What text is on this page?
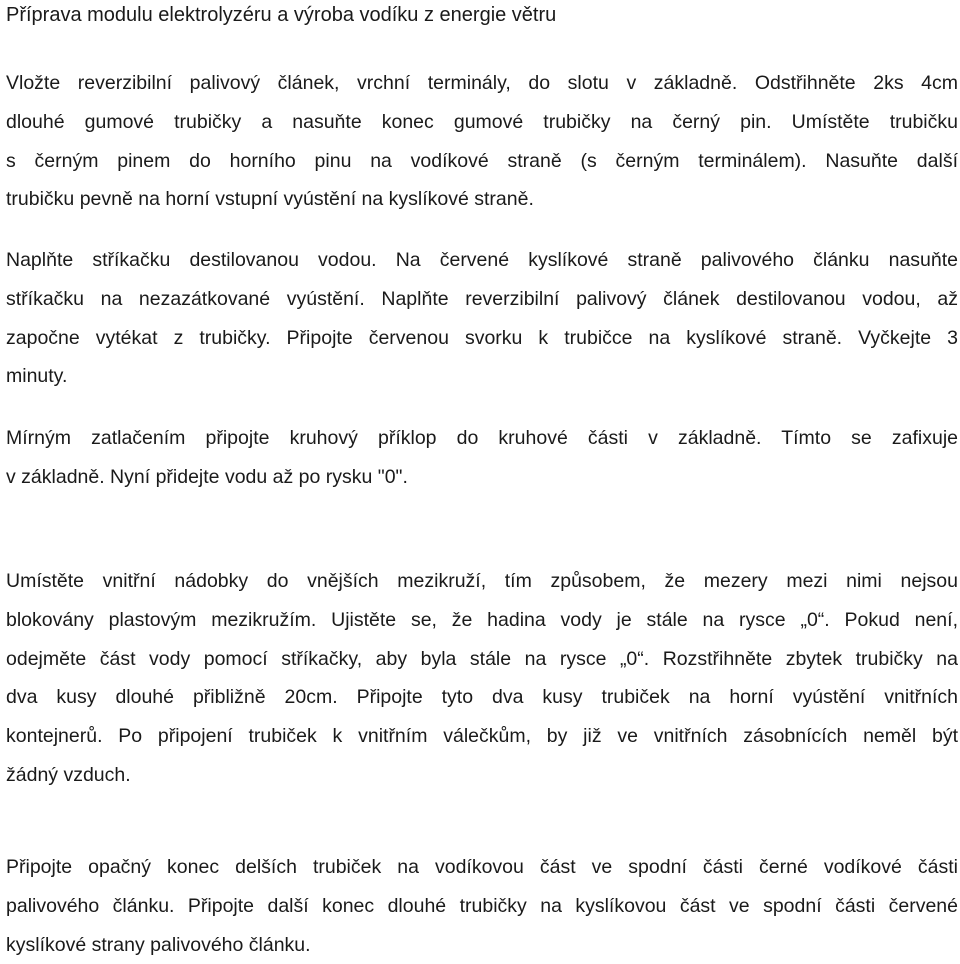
Příprava modulu elektrolyzéru a výroba vodíku z energie větru
Vložte reverzibilní palivový článek, vrchní terminály, do slotu v základně. Odstřihněte 2ks 4cm
dlouhé gumové trubičky a nasuňte konec gumové trubičky na černý pin. Umístěte trubičku
s černým pinem do horního pinu na vodíkové straně (s černým terminálem). Nasuňte další
trubičku pevně na horní vstupní vyústění na kyslíkové straně.
Naplňte stříkačku destilovanou vodou. Na červené kyslíkové straně palivového článku nasuňte
stříkačku na nezazátkované vyústění. Naplňte reverzibilní palivový článek destilovanou vodou, až
započne vytékat z trubičky. Připojte červenou svorku k trubičce na kyslíkové straně. Vyčkejte 3
minuty.
Mírným zatlačením připojte kruhový příklop do kruhové části v základně. Tímto se zafixuje
v základně. Nyní přidejte vodu až po rysku "0".
Umístěte vnitřní nádobky do vnějších mezikruží, tím způsobem, že mezery mezi nimi nejsou
blokovány plastovým mezikružím. Ujistěte se, že hadina vody je stále na rysce „0“. Pokud není,
odejměte část vody pomocí stříkačky, aby byla stále na rysce „0“. Rozstřihněte zbytek trubičky na
dva kusy dlouhé přibližně 20cm. Připojte tyto dva kusy trubiček na horní vyústění vnitřních
kontejnerů. Po připojení trubiček k vnitřním válečkům, by již ve vnitřních zásobnících neměl být
žádný vzduch.
Připojte opačný konec delších trubiček na vodíkovou část ve spodní části černé vodíkové části
palivového článku. Připojte další konec dlouhé trubičky na kyslíkovou část ve spodní části červené
kyslíkové strany palivového článku.
